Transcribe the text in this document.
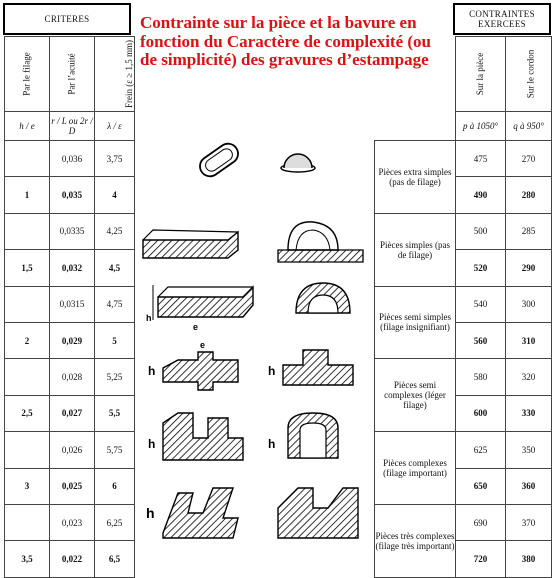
CRITERES	CONTRAINTES EXERCEES
Contrainte sur la pièce et la bavure en fonction du Caractère de complexité (ou de simplicité) des gravures d’estampage
Par le filage	Par l’acuité	Frein (ε ≥ 1,5 mm)			Sur la pièce	Sur le cordon
h / e	r / L ou 2r / D	λ / ε			p à 1050°	q à 950°
	0,036	3,75		Pièces extra simples (pas de filage)	475	270
1	0,035	4			490	280
	0,0335	4,25		Pièces simples (pas de filage)	500	285
1,5	0,032	4,5			520	290
	0,0315	4,75		Pièces semi simples (filage insignifiant)	540	300
2	0,029	5			560	310
	0,028	5,25		Pièces semi complexes (léger filage)	580	320
2,5	0,027	5,5			600	330
	0,026	5,75		Pièces complexes (filage important)	625	350
3	0,025	6			650	360
	0,023	6,25		Pièces très complexes (filage très important)	690	370
3,5	0,022	6,5			720	380
h
e
h
e
h
h	h
h
